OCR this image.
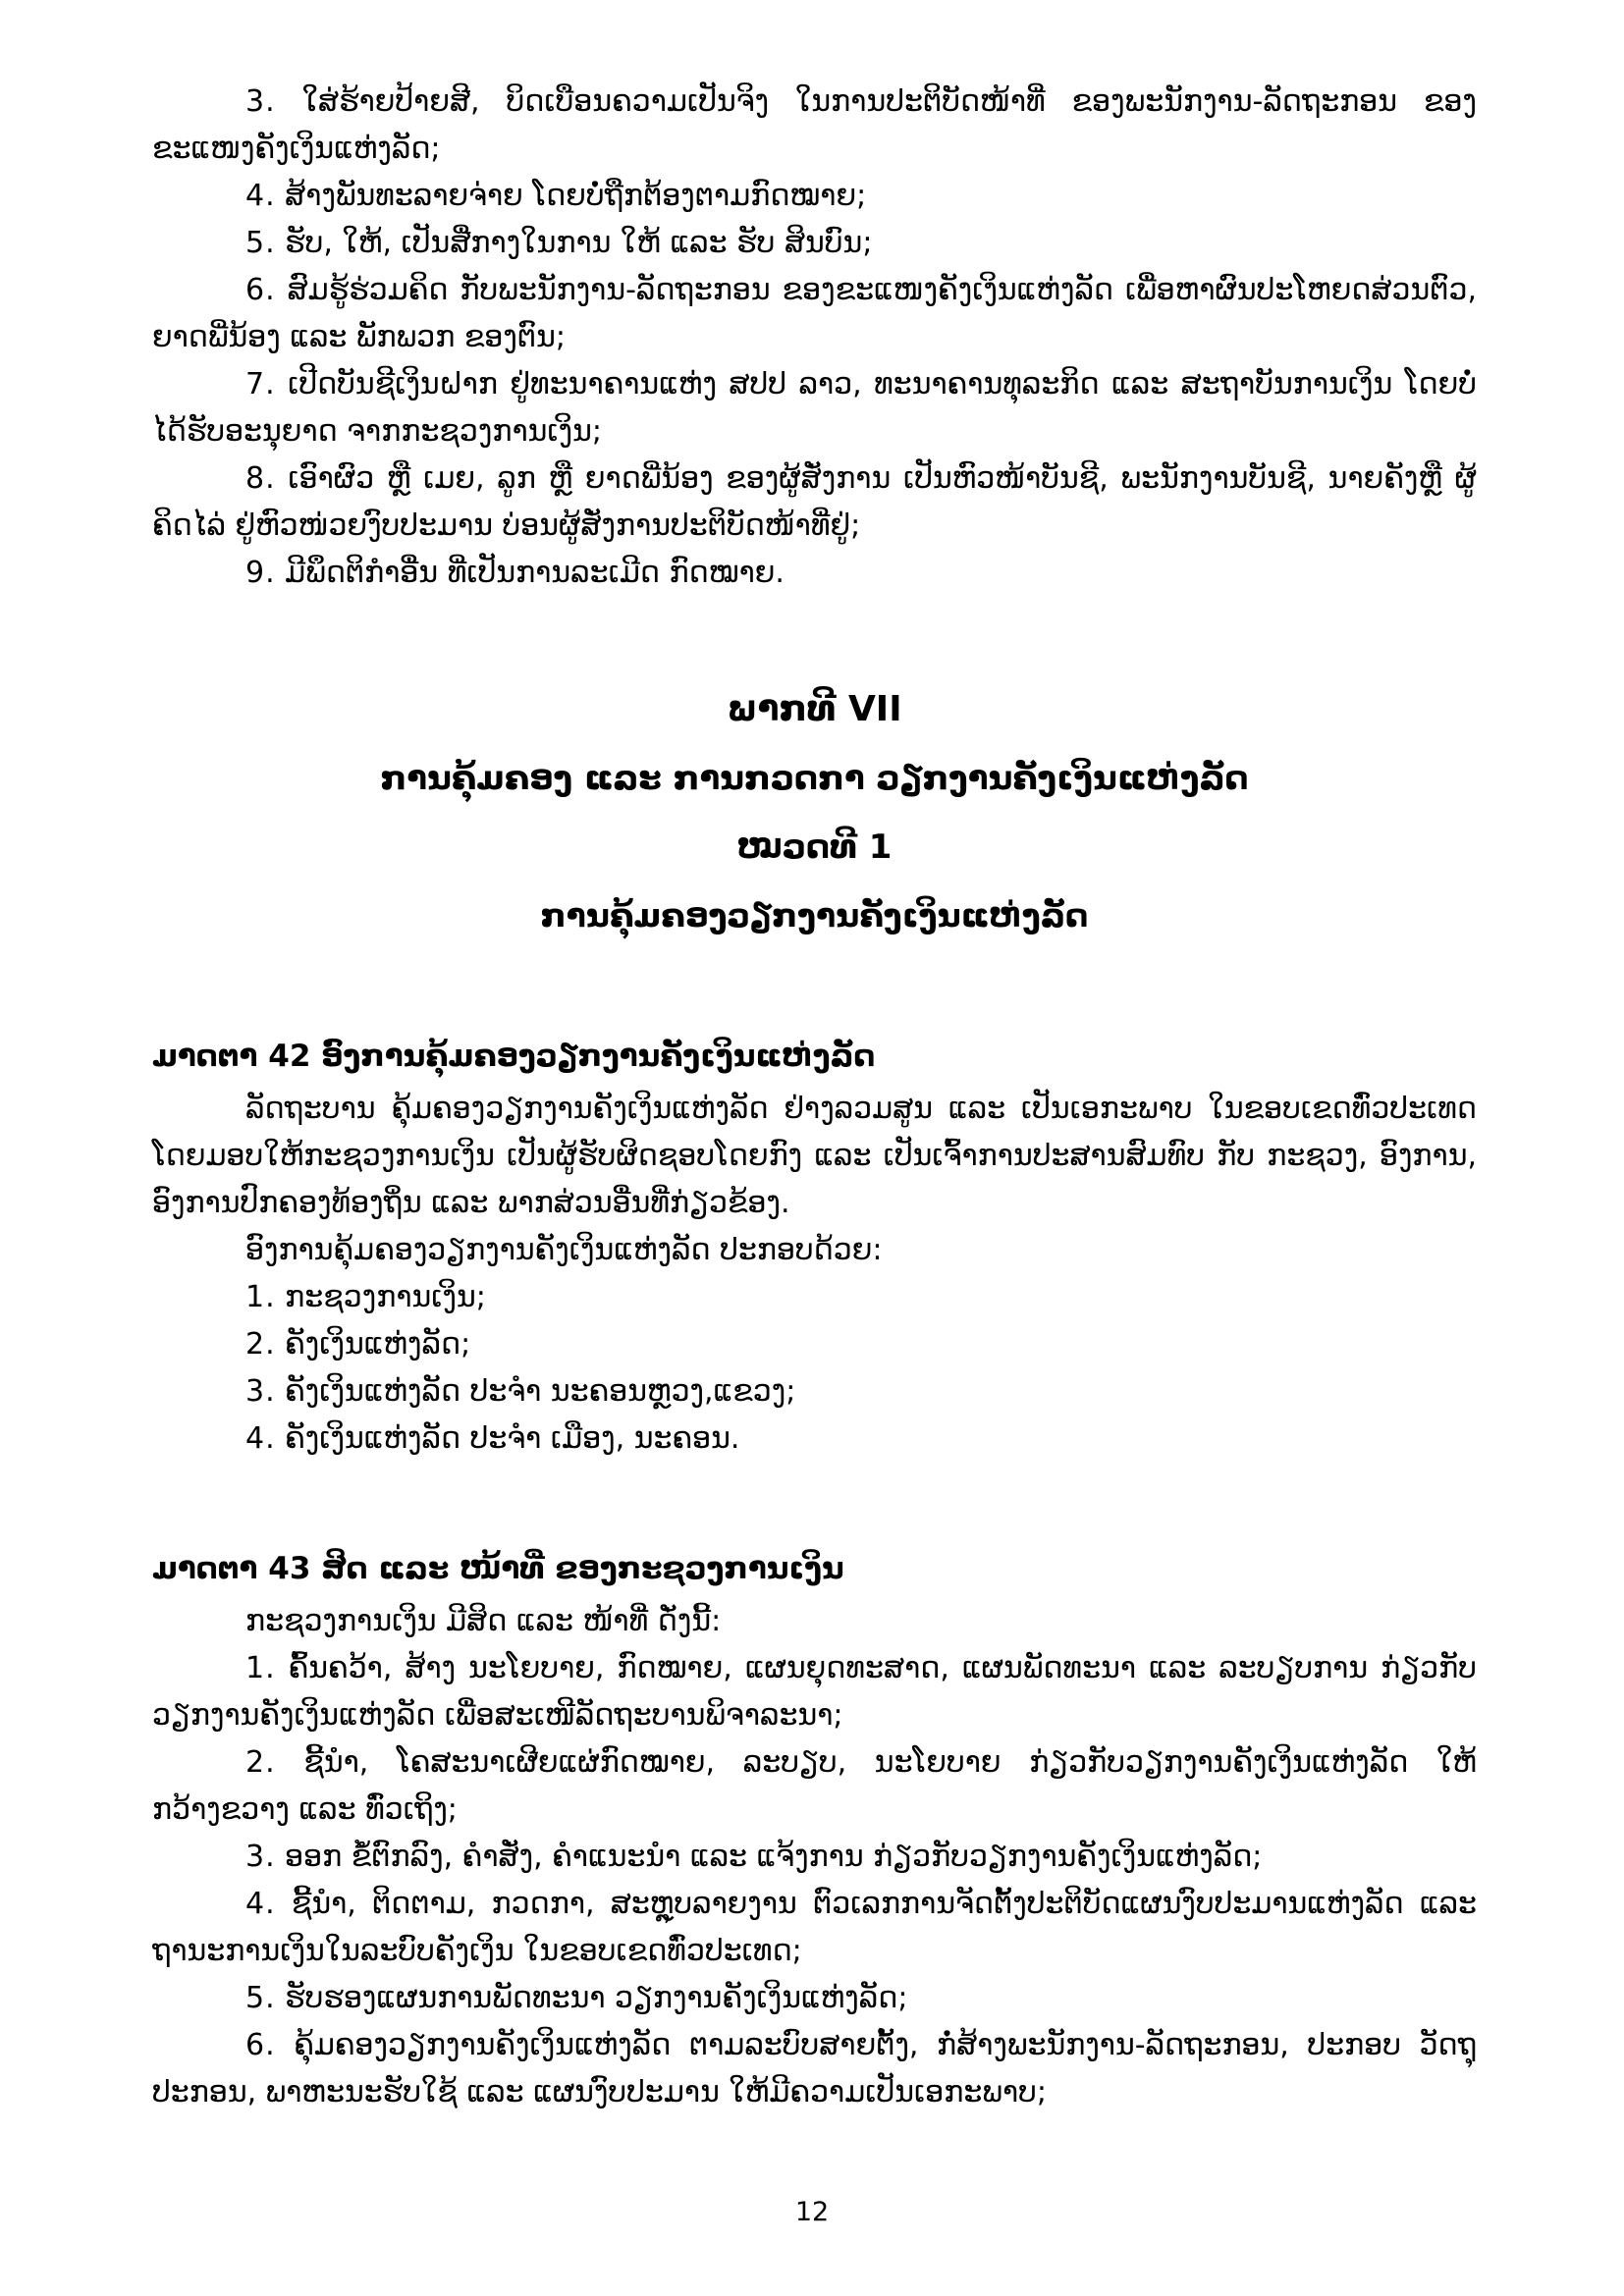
3. ໃສ່ຮ້າຍປ້າຍສີ, ບິດເບືອນຄວາມເປັນຈິງ ໃນການປະຕິບັດໜ້າທີ່ ຂອງພະນັກງານ-ລັດຖະກອນ ຂອງຂະແໜງຄັງເງິນແຫ່ງລັດ;

4. ສ້າງພັນທະລາຍຈ່າຍ ໂດຍບໍ່ຖືກຕ້ອງຕາມກົດໝາຍ;

5. ຮັບ, ໃຫ້, ເປັນສື່ກາງໃນການ ໃຫ້ ແລະ ຮັບ ສິນບົນ;

6. ສົມຮູ້ຮ່ວມຄິດ ກັບພະນັກງານ-ລັດຖະກອນ ຂອງຂະແໜງຄັງເງິນແຫ່ງລັດ ເພື່ອຫາຜົນປະໂຫຍດສ່ວນຕົວ, ຍາດພີ່ນ້ອງ ແລະ ພັກພວກ ຂອງຕົນ;

7. ເປີດບັນຊີເງິນຝາກ ຢູ່ທະນາຄານແຫ່ງ ສປປ ລາວ, ທະນາຄານທຸລະກິດ ແລະ ສະຖາບັນການເງິນ ໂດຍບໍ່ໄດ້ຮັບອະນຸຍາດ ຈາກກະຊວງການເງິນ;

8. ເອົາຜົວ ຫຼື ເມຍ, ລູກ ຫຼື ຍາດພີ່ນ້ອງ ຂອງຜູ້ສັ່ງການ ເປັນຫົວໜ້າບັນຊີ, ພະນັກງານບັນຊີ, ນາຍຄັງຫຼື ຜູ້ຄິດໄລ່ ຢູ່ຫົວໜ່ວຍງົບປະມານ ບ່ອນຜູ້ສັ່ງການປະຕິບັດໜ້າທີ່ຢູ່;

9. ມີພຶດຕິກຳອື່ນ ທີ່ເປັນການລະເມີດ ກົດໝາຍ.

ພາກທີ VII
ການຄຸ້ມຄອງ ແລະ ການກວດກາ ວຽກງານຄັງເງິນແຫ່ງລັດ
ໝວດທີ 1
ການຄຸ້ມຄອງວຽກງານຄັງເງິນແຫ່ງລັດ

ມາດຕາ 42 ອົງການຄຸ້ມຄອງວຽກງານຄັງເງິນແຫ່ງລັດ

ລັດຖະບານ ຄຸ້ມຄອງວຽກງານຄັງເງິນແຫ່ງລັດ ຢ່າງລວມສູນ ແລະ ເປັນເອກະພາບ ໃນຂອບເຂດທົ່ວປະເທດ ໂດຍມອບໃຫ້ກະຊວງການເງິນ ເປັນຜູ້ຮັບຜິດຊອບໂດຍກົງ ແລະ ເປັນເຈົ້າການປະສານສົມທົບ ກັບ ກະຊວງ, ອົງການ, ອົງການປົກຄອງທ້ອງຖິ່ນ ແລະ ພາກສ່ວນອື່ນທີ່ກ່ຽວຂ້ອງ.

ອົງການຄຸ້ມຄອງວຽກງານຄັງເງິນແຫ່ງລັດ ປະກອບດ້ວຍ:

1. ກະຊວງການເງິນ;

2. ຄັງເງິນແຫ່ງລັດ;

3. ຄັງເງິນແຫ່ງລັດ ປະຈຳ ນະຄອນຫຼວງ,ແຂວງ;

4. ຄັງເງິນແຫ່ງລັດ ປະຈຳ ເມືອງ, ນະຄອນ.

ມາດຕາ 43 ສິດ ແລະ ໜ້າທີ່ ຂອງກະຊວງການເງິນ

ກະຊວງການເງິນ ມີສິດ ແລະ ໜ້າທີ່ ດັ່ງນີ້:

1. ຄົ້ນຄວ້າ, ສ້າງ ນະໂຍບາຍ, ກົດໝາຍ, ແຜນຍຸດທະສາດ, ແຜນພັດທະນາ ແລະ ລະບຽບການ ກ່ຽວກັບ ວຽກງານຄັງເງິນແຫ່ງລັດ ເພື່ອສະເໜີລັດຖະບານພິຈາລະນາ;

2. ຊີ້ນຳ, ໂຄສະນາເຜີຍແຜ່ກົດໝາຍ, ລະບຽບ, ນະໂຍບາຍ ກ່ຽວກັບວຽກງານຄັງເງິນແຫ່ງລັດ ໃຫ້ກວ້າງຂວາງ ແລະ ທົ່ວເຖິງ;

3. ອອກ ຂໍ້ຕົກລົງ, ຄຳສັ່ງ, ຄຳແນະນຳ ແລະ ແຈ້ງການ ກ່ຽວກັບວຽກງານຄັງເງິນແຫ່ງລັດ;

4. ຊີ້ນຳ, ຕິດຕາມ, ກວດກາ, ສະຫຼຸບລາຍງານ ຕົວເລກການຈັດຕັ້ງປະຕິບັດແຜນງົບປະມານແຫ່ງລັດ ແລະ ຖານະການເງິນໃນລະບົບຄັງເງິນ ໃນຂອບເຂດທົ່ວປະເທດ;

5. ຮັບຮອງແຜນການພັດທະນາ ວຽກງານຄັງເງິນແຫ່ງລັດ;

6. ຄຸ້ມຄອງວຽກງານຄັງເງິນແຫ່ງລັດ ຕາມລະບົບສາຍຕັ້ງ, ກໍ່ສ້າງພະນັກງານ-ລັດຖະກອນ, ປະກອບ ວັດຖຸປະກອນ, ພາຫະນະຮັບໃຊ້ ແລະ ແຜນງົບປະມານ ໃຫ້ມີຄວາມເປັນເອກະພາບ;

12
